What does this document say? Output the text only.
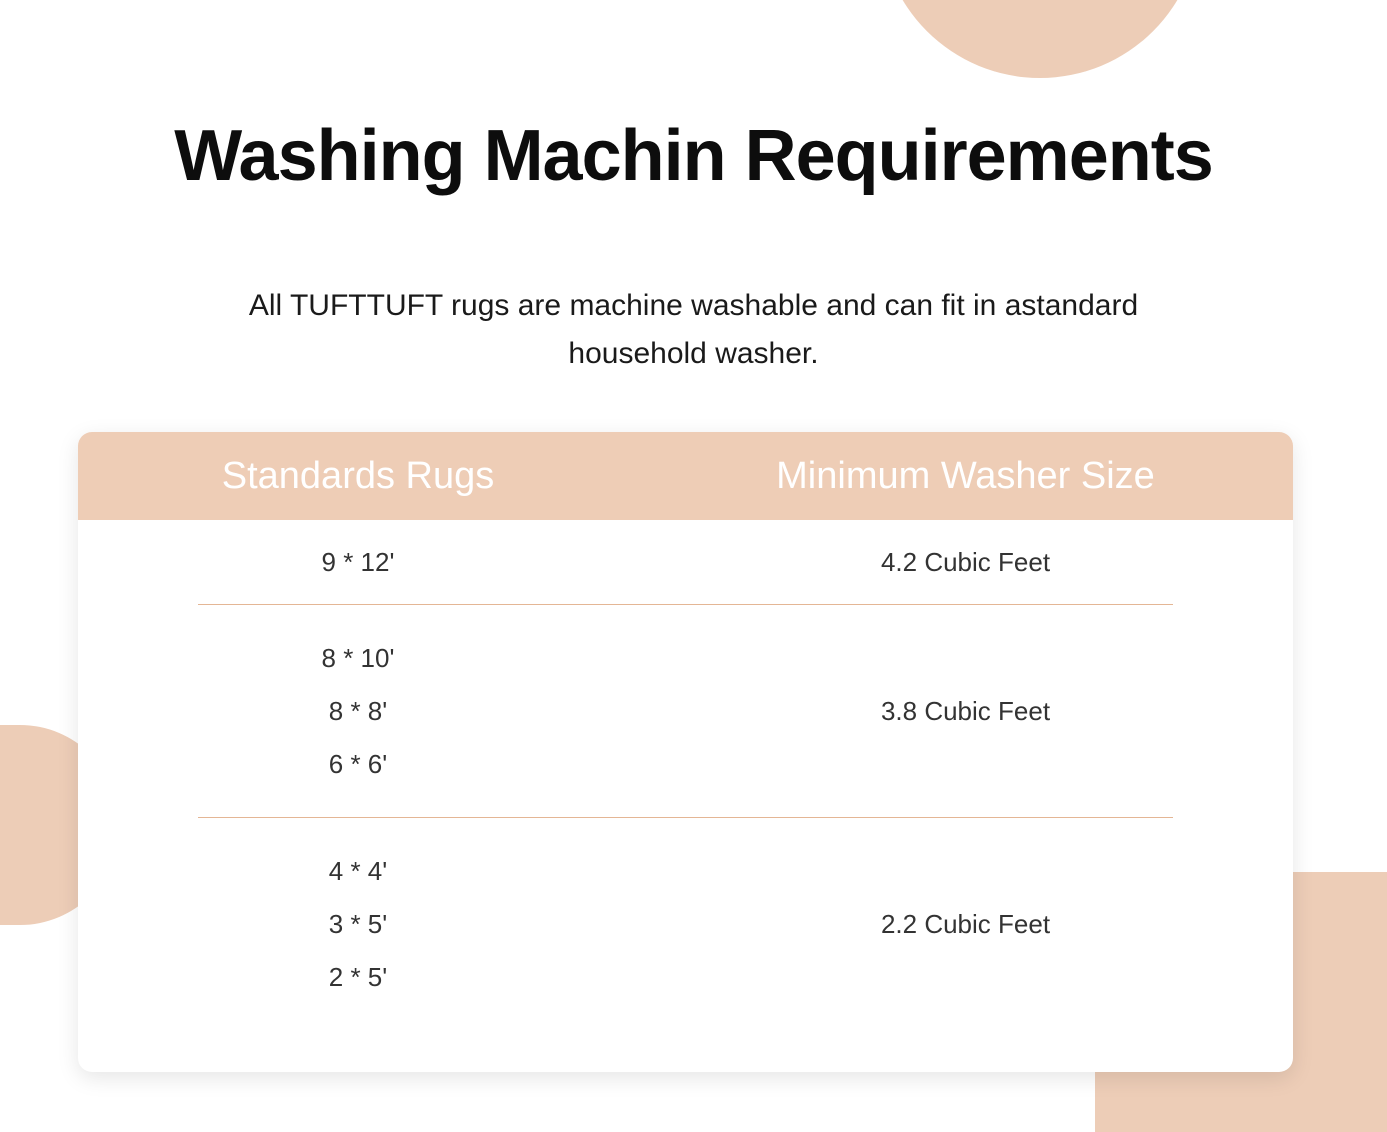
Washing Machin Requirements
All TUFTTUFT rugs are machine washable and can fit in astandard household washer.
Standards Rugs	Minimum Washer Size
9 * 12'	4.2 Cubic Feet
8 * 10'
8 * 8'
6 * 6'
3.8 Cubic Feet
4 * 4'
3 * 5'
2 * 5'
2.2 Cubic Feet
